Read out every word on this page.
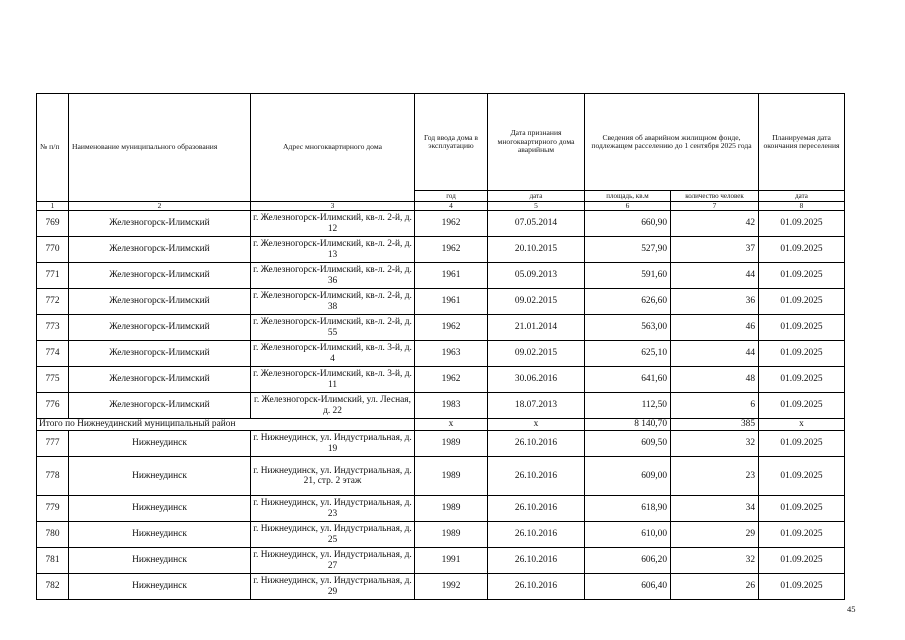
№ п/п	Наименование муниципального образования	Адрес многоквартирного дома	Год ввода дома в эксплуатацию	Дата признания многоквартирного дома аварийным	Сведения об аварийном жилищном фонде, подлежащем расселению до 1 сентября 2025 года		Планируемая дата окончания переселения
			год	дата	площадь, кв.м	количество человек	дата
1	2	3	4	5	6	7	8
769	Железногорск-Илимский	г. Железногорск-Илимский, кв-л. 2-й, д. 12	1962	07.05.2014	660,90	42	01.09.2025
770	Железногорск-Илимский	г. Железногорск-Илимский, кв-л. 2-й, д. 13	1962	20.10.2015	527,90	37	01.09.2025
771	Железногорск-Илимский	г. Железногорск-Илимский, кв-л. 2-й, д. 36	1961	05.09.2013	591,60	44	01.09.2025
772	Железногорск-Илимский	г. Железногорск-Илимский, кв-л. 2-й, д. 38	1961	09.02.2015	626,60	36	01.09.2025
773	Железногорск-Илимский	г. Железногорск-Илимский, кв-л. 2-й, д. 55	1962	21.01.2014	563,00	46	01.09.2025
774	Железногорск-Илимский	г. Железногорск-Илимский, кв-л. 3-й, д. 4	1963	09.02.2015	625,10	44	01.09.2025
775	Железногорск-Илимский	г. Железногорск-Илимский, кв-л. 3-й, д. 11	1962	30.06.2016	641,60	48	01.09.2025
776	Железногорск-Илимский	г. Железногорск-Илимский, ул. Лесная, д. 22	1983	18.07.2013	112,50	6	01.09.2025
Итого по Нижнеудинский муниципальный район			х	х	8 140,70	385	х
777	Нижнеудинск	г. Нижнеудинск, ул. Индустриальная, д. 19	1989	26.10.2016	609,50	32	01.09.2025
778	Нижнеудинск	г. Нижнеудинск, ул. Индустриальная, д. 21, стр. 2 этаж	1989	26.10.2016	609,00	23	01.09.2025
779	Нижнеудинск	г. Нижнеудинск, ул. Индустриальная, д. 23	1989	26.10.2016	618,90	34	01.09.2025
780	Нижнеудинск	г. Нижнеудинск, ул. Индустриальная, д. 25	1989	26.10.2016	610,00	29	01.09.2025
781	Нижнеудинск	г. Нижнеудинск, ул. Индустриальная, д. 27	1991	26.10.2016	606,20	32	01.09.2025
782	Нижнеудинск	г. Нижнеудинск, ул. Индустриальная, д. 29	1992	26.10.2016	606,40	26	01.09.2025
45
